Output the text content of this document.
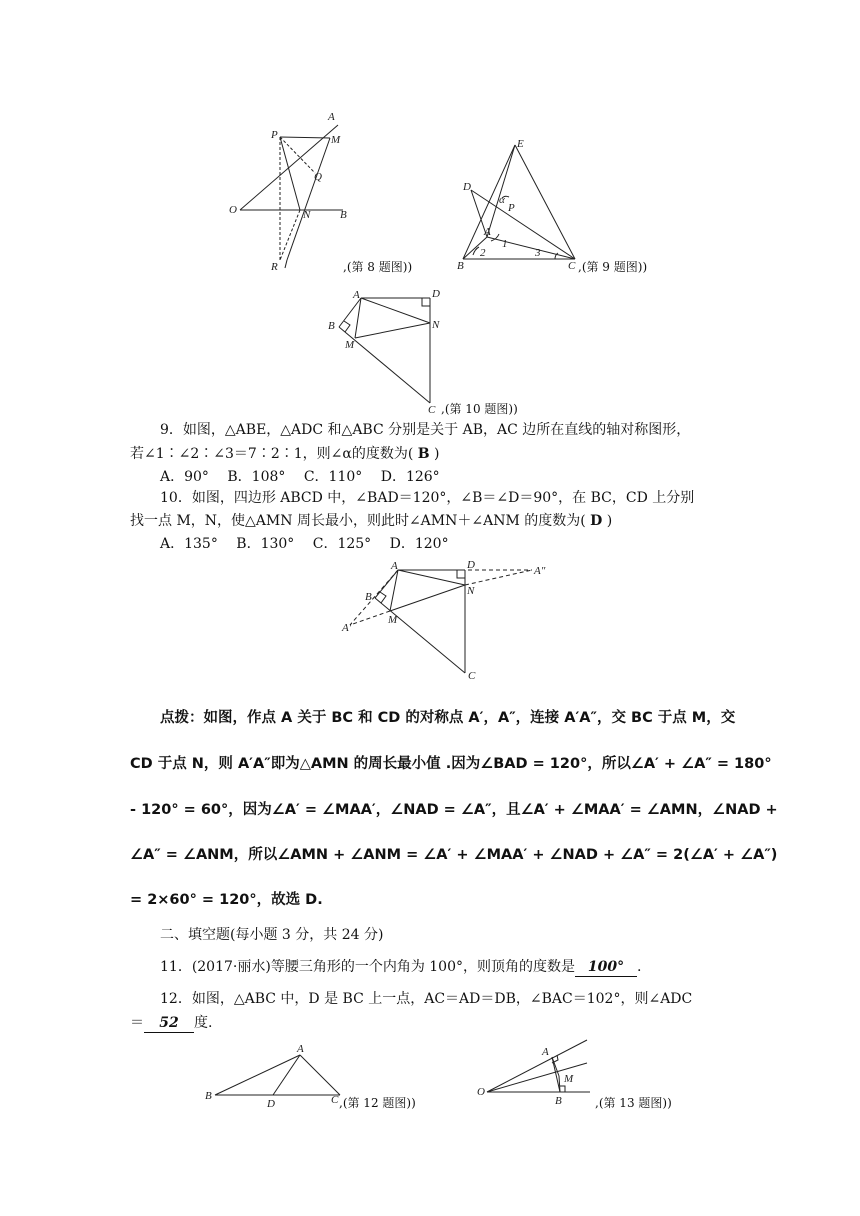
P
A
M
Q
O	N	B
R	,(第 8 题图))
E
D
α
P
A
1
B
2	3
C ,(第 9 题图))
A	D
B	N
M
C ,(第 10 题图))
9．如图，△ABE，△ADC 和△ABC 分别是关于 AB，AC 边所在直线的轴对称图形，
若∠1∶∠2∶∠3＝7∶2∶1，则∠α的度数为( B )
A．90°　 B．108°　 C．110°　 D．126°
10．如图，四边形 ABCD 中，∠BAD＝120°，∠B＝∠D＝90°，在 BC，CD 上分别
找一点 M，N，使△AMN 周长最小，则此时∠AMN＋∠ANM 的度数为( D )
A．135°　 B．130°　 C．125°　 D．120°
A	D	A″
B	N
A′
M
C
点拨：如图，作点 A 关于 BC 和 CD 的对称点 A′，A″，连接 A′A″，交 BC 于点 M，交
CD 于点 N，则 A′A″即为△AMN 的周长最小值 .因为∠BAD = 120°，所以∠A′ + ∠A″ = 180°
- 120° = 60°，因为∠A′ = ∠MAA′，∠NAD = ∠A″，且∠A′ + ∠MAA′ = ∠AMN，∠NAD +
∠A″ = ∠ANM，所以∠AMN + ∠ANM = ∠A′ + ∠MAA′ + ∠NAD + ∠A″ = 2(∠A′ + ∠A″)
= 2×60° = 120°，故选 D.
二、填空题(每小题 3 分，共 24 分)
11．(2017·丽水)等腰三角形的一个内角为 100°，则顶角的度数是 100° .
12．如图，△ABC 中，D 是 BC 上一点，AC＝AD＝DB，∠BAC＝102°，则∠ADC
＝ 52 度.
A
B
D	C ,(第 12 题图))
A
M
O
B	,(第 13 题图))
